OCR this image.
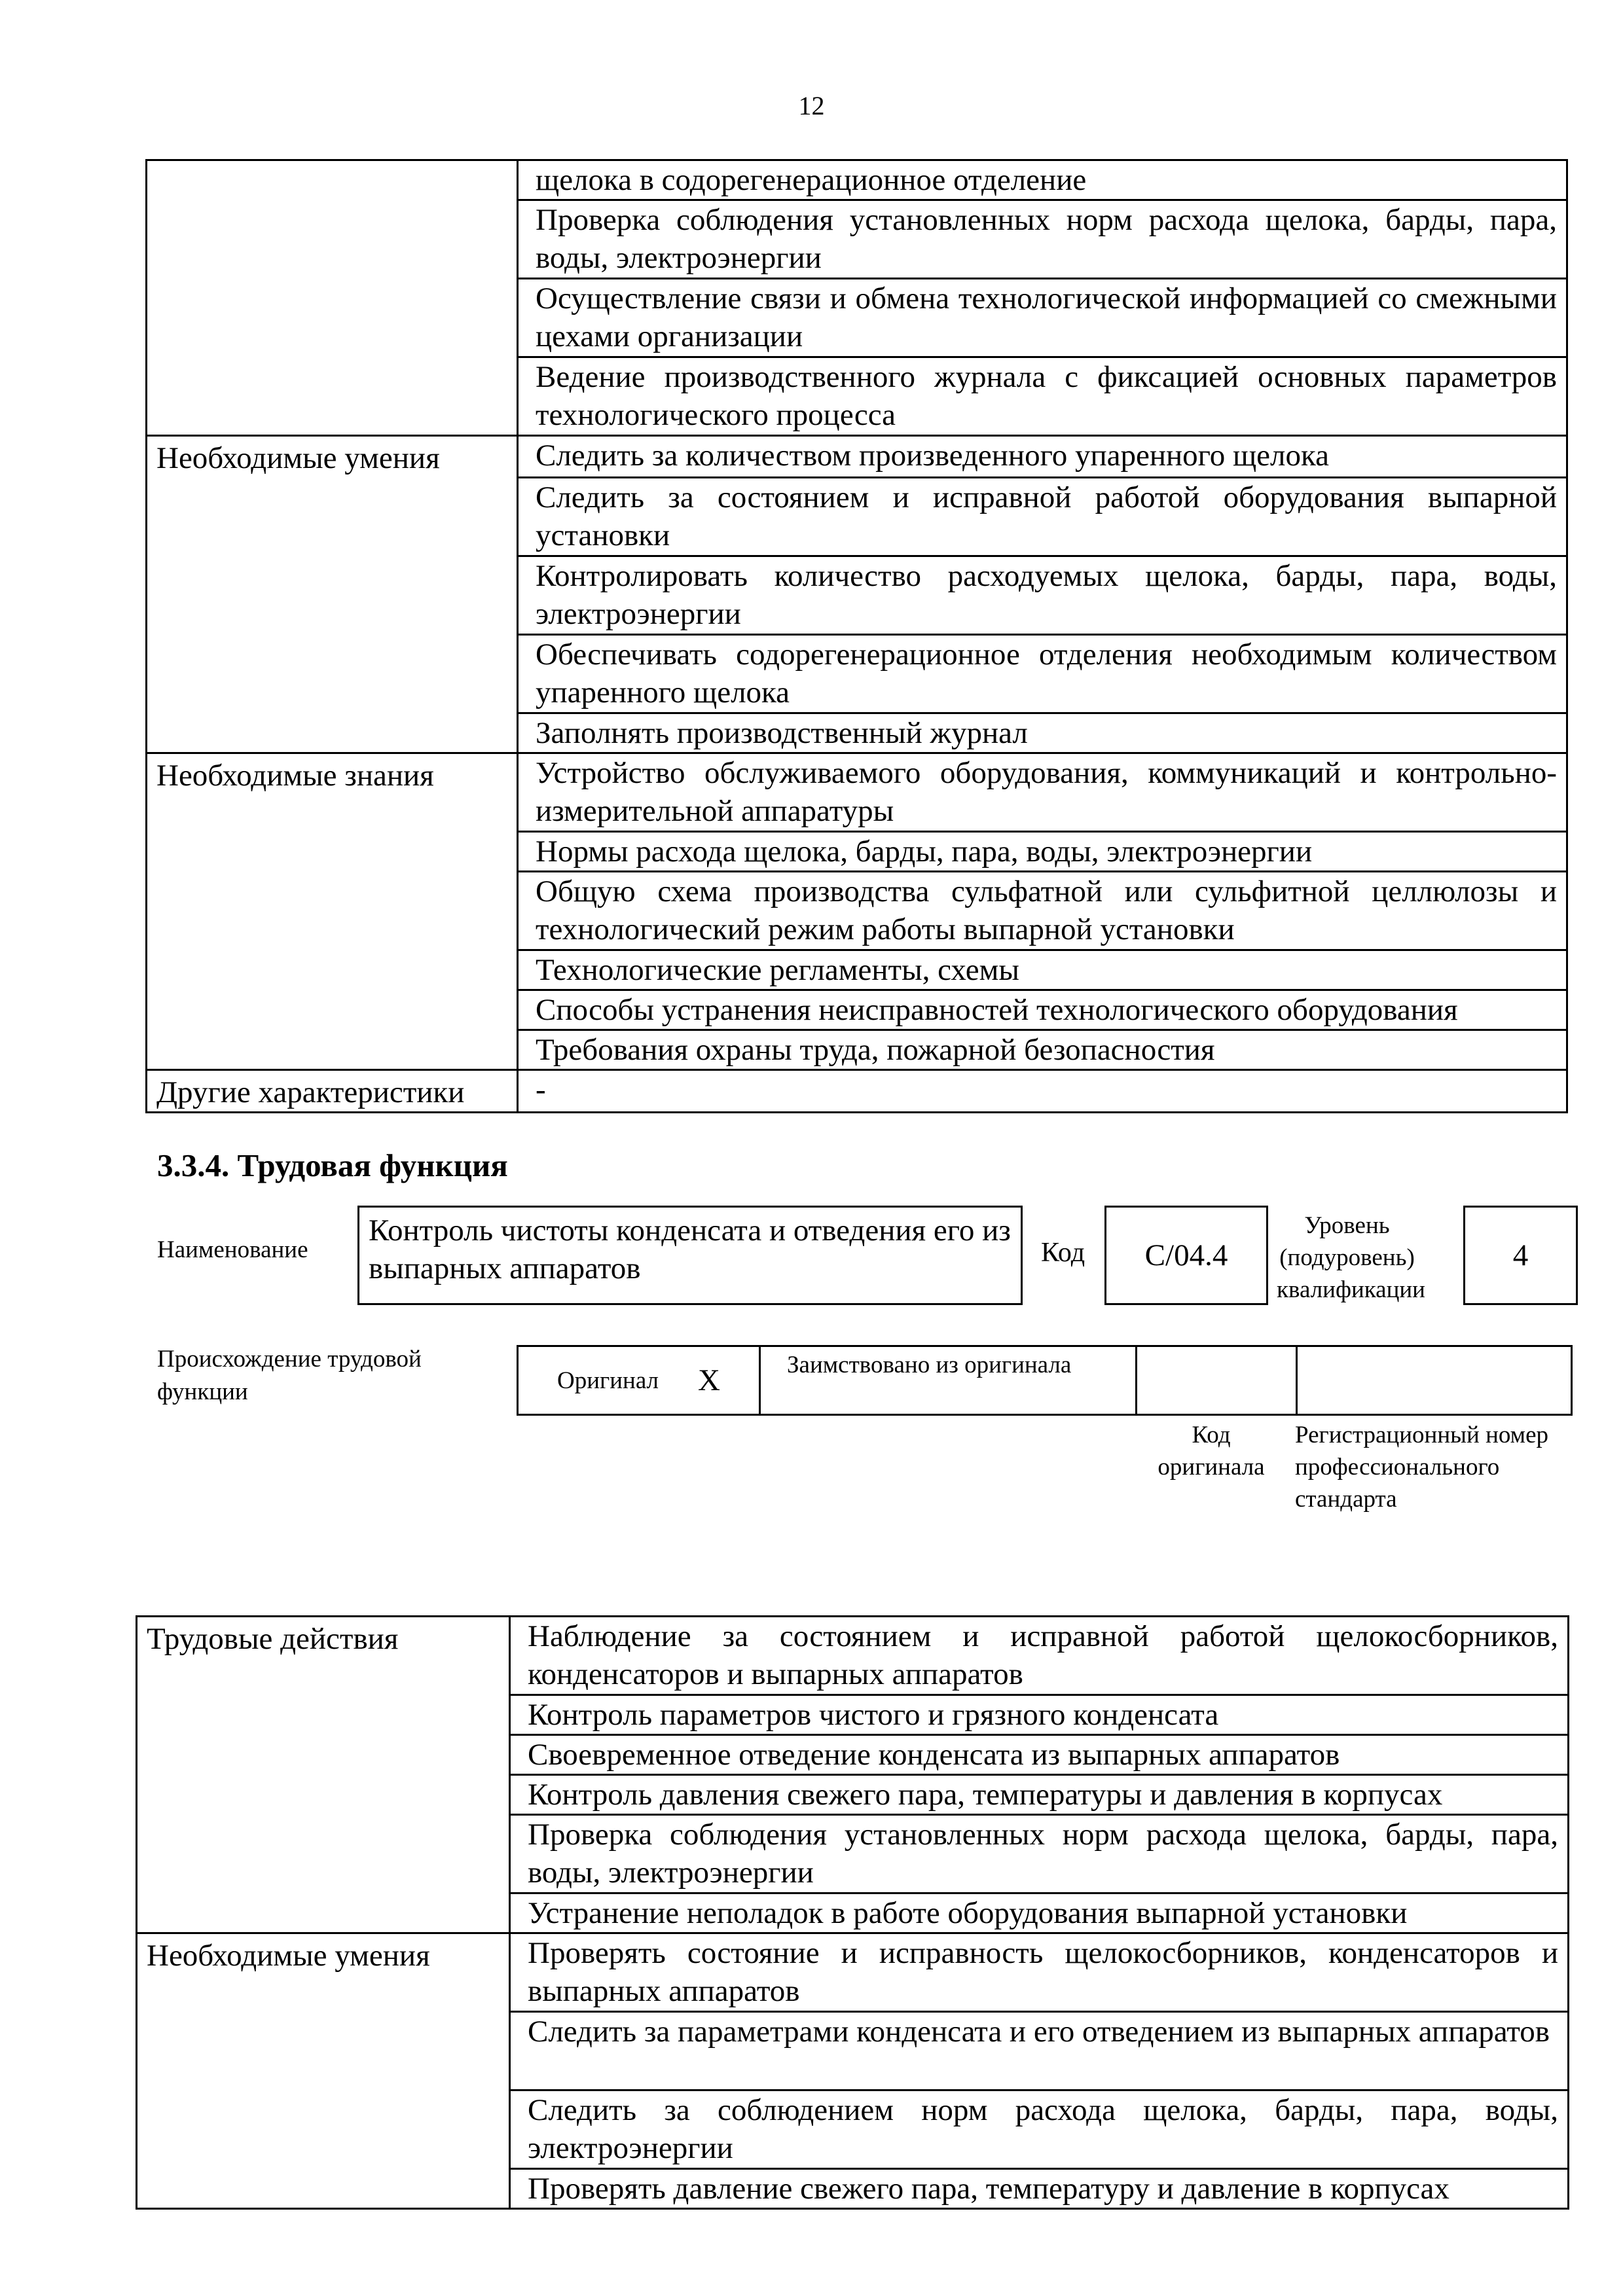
12
	щелока в содорегенерационное отделение
	Проверка соблюдения установленных норм расхода щелока, барды, пара, воды, электроэнергии
	Осуществление связи и обмена технологической информацией со смежными цехами организации
	Ведение производственного журнала с фиксацией основных параметров технологического процесса
Необходимые умения	Следить за количеством произведенного упаренного щелока
	Следить за состоянием и исправной работой оборудования выпарной установки
	Контролировать количество расходуемых щелока, барды, пара, воды, электроэнергии
	Обеспечивать содорегенерационное отделения необходимым количеством упаренного щелока
	Заполнять производственный журнал
Необходимые знания	Устройство обслуживаемого оборудования, коммуникаций и контрольно-измерительной аппаратуры
	Нормы расхода щелока, барды, пара, воды, электроэнергии
	Общую схема производства сульфатной или сульфитной целлюлозы и технологический режим работы выпарной установки
	Технологические регламенты, схемы
	Способы устранения неисправностей технологического оборудования
	Требования охраны труда, пожарной безопасностия
Другие характеристики	-
3.3.4. Трудовая функция
Наименование
Контроль чистоты конденсата и отведения его из выпарных аппаратов	Код	С/04.4
Уровень (подуровень) квалификации
4
Происхождение трудовой функции	Оригинал Х	Заимствовано из оригинала		
Код оригинала
Регистрационный номер профессионального стандарта
Трудовые действия	Наблюдение за состоянием и исправной работой щелокосборников, конденсаторов и выпарных аппаратов
	Контроль параметров чистого и грязного конденсата
	Своевременное отведение конденсата из выпарных аппаратов
	Контроль давления свежего пара, температуры и давления в корпусах
	Проверка соблюдения установленных норм расхода щелока, барды, пара, воды, электроэнергии
	Устранение неполадок в работе оборудования выпарной установки
Необходимые умения	Проверять состояние и исправность щелокосборников, конденсаторов и выпарных аппаратов
	Следить за параметрами конденсата и его отведением из выпарных аппаратов
	Следить за соблюдением норм расхода щелока, барды, пара, воды, электроэнергии
	Проверять давление свежего пара, температуру и давление в корпусах
